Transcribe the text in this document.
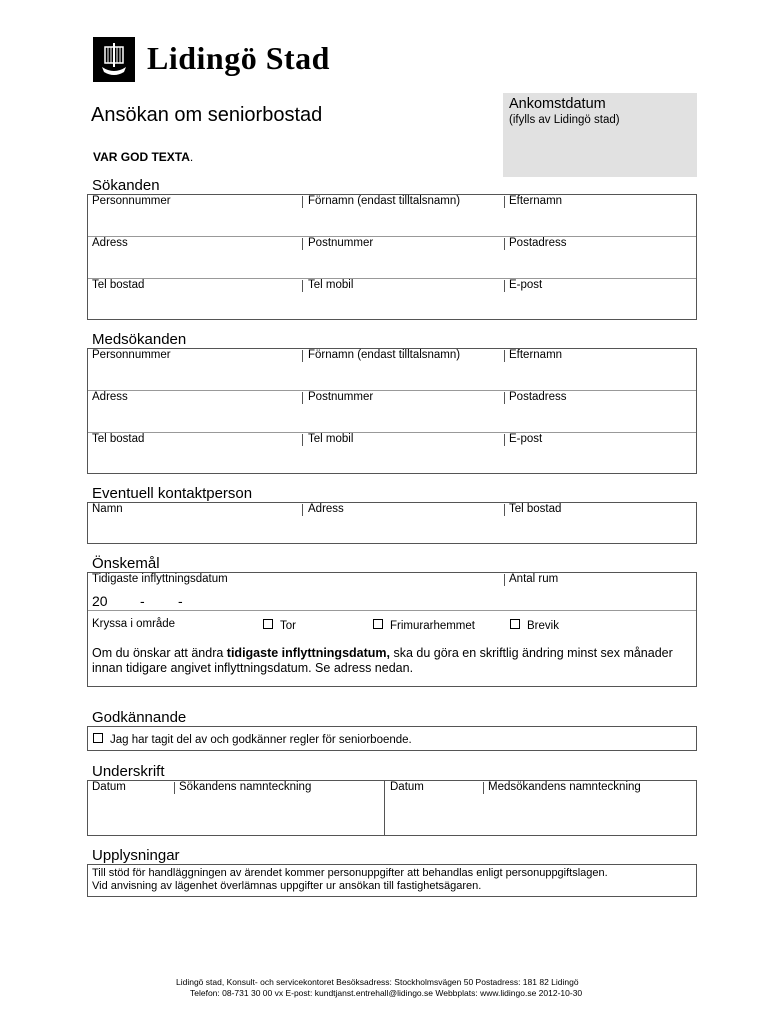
Lidingö Stad
Ansökan om seniorbostad
VAR GOD TEXTA.
Ankomstdatum
(ifylls av Lidingö stad)
Sökanden
Personnummer	Förnamn (endast tilltalsnamn)	Efternamn
Adress	Postnummer	Postadress
Tel bostad	Tel mobil	E-post
Medsökanden
Personnummer	Förnamn (endast tilltalsnamn)	Efternamn
Adress	Postnummer	Postadress
Tel bostad	Tel mobil	E-post
Eventuell kontaktperson
Namn	Adress	Tel bostad
Önskemål
Tidigaste inflyttningsdatum	Antal rum
20 - -
Kryssa i område	Tor	Frimurarhemmet	Brevik
Om du önskar att ändra tidigaste inflyttningsdatum, ska du göra en skriftlig ändring minst sex månader innan tidigare angivet inflyttningsdatum. Se adress nedan.
Godkännande
Jag har tagit del av och godkänner regler för seniorboende.
Underskrift
Datum	Sökandens namnteckning	Datum	Medsökandens namnteckning
Upplysningar
Till stöd för handläggningen av ärendet kommer personuppgifter att behandlas enligt personuppgiftslagen.
Vid anvisning av lägenhet överlämnas uppgifter ur ansökan till fastighetsägaren.
Lidingö stad, Konsult- och servicekontoret Besöksadress: Stockholmsvägen 50 Postadress: 181 82 Lidingö
Telefon: 08-731 30 00 vx E-post: kundtjanst.entrehall@lidingo.se Webbplats: www.lidingo.se 2012-10-30
